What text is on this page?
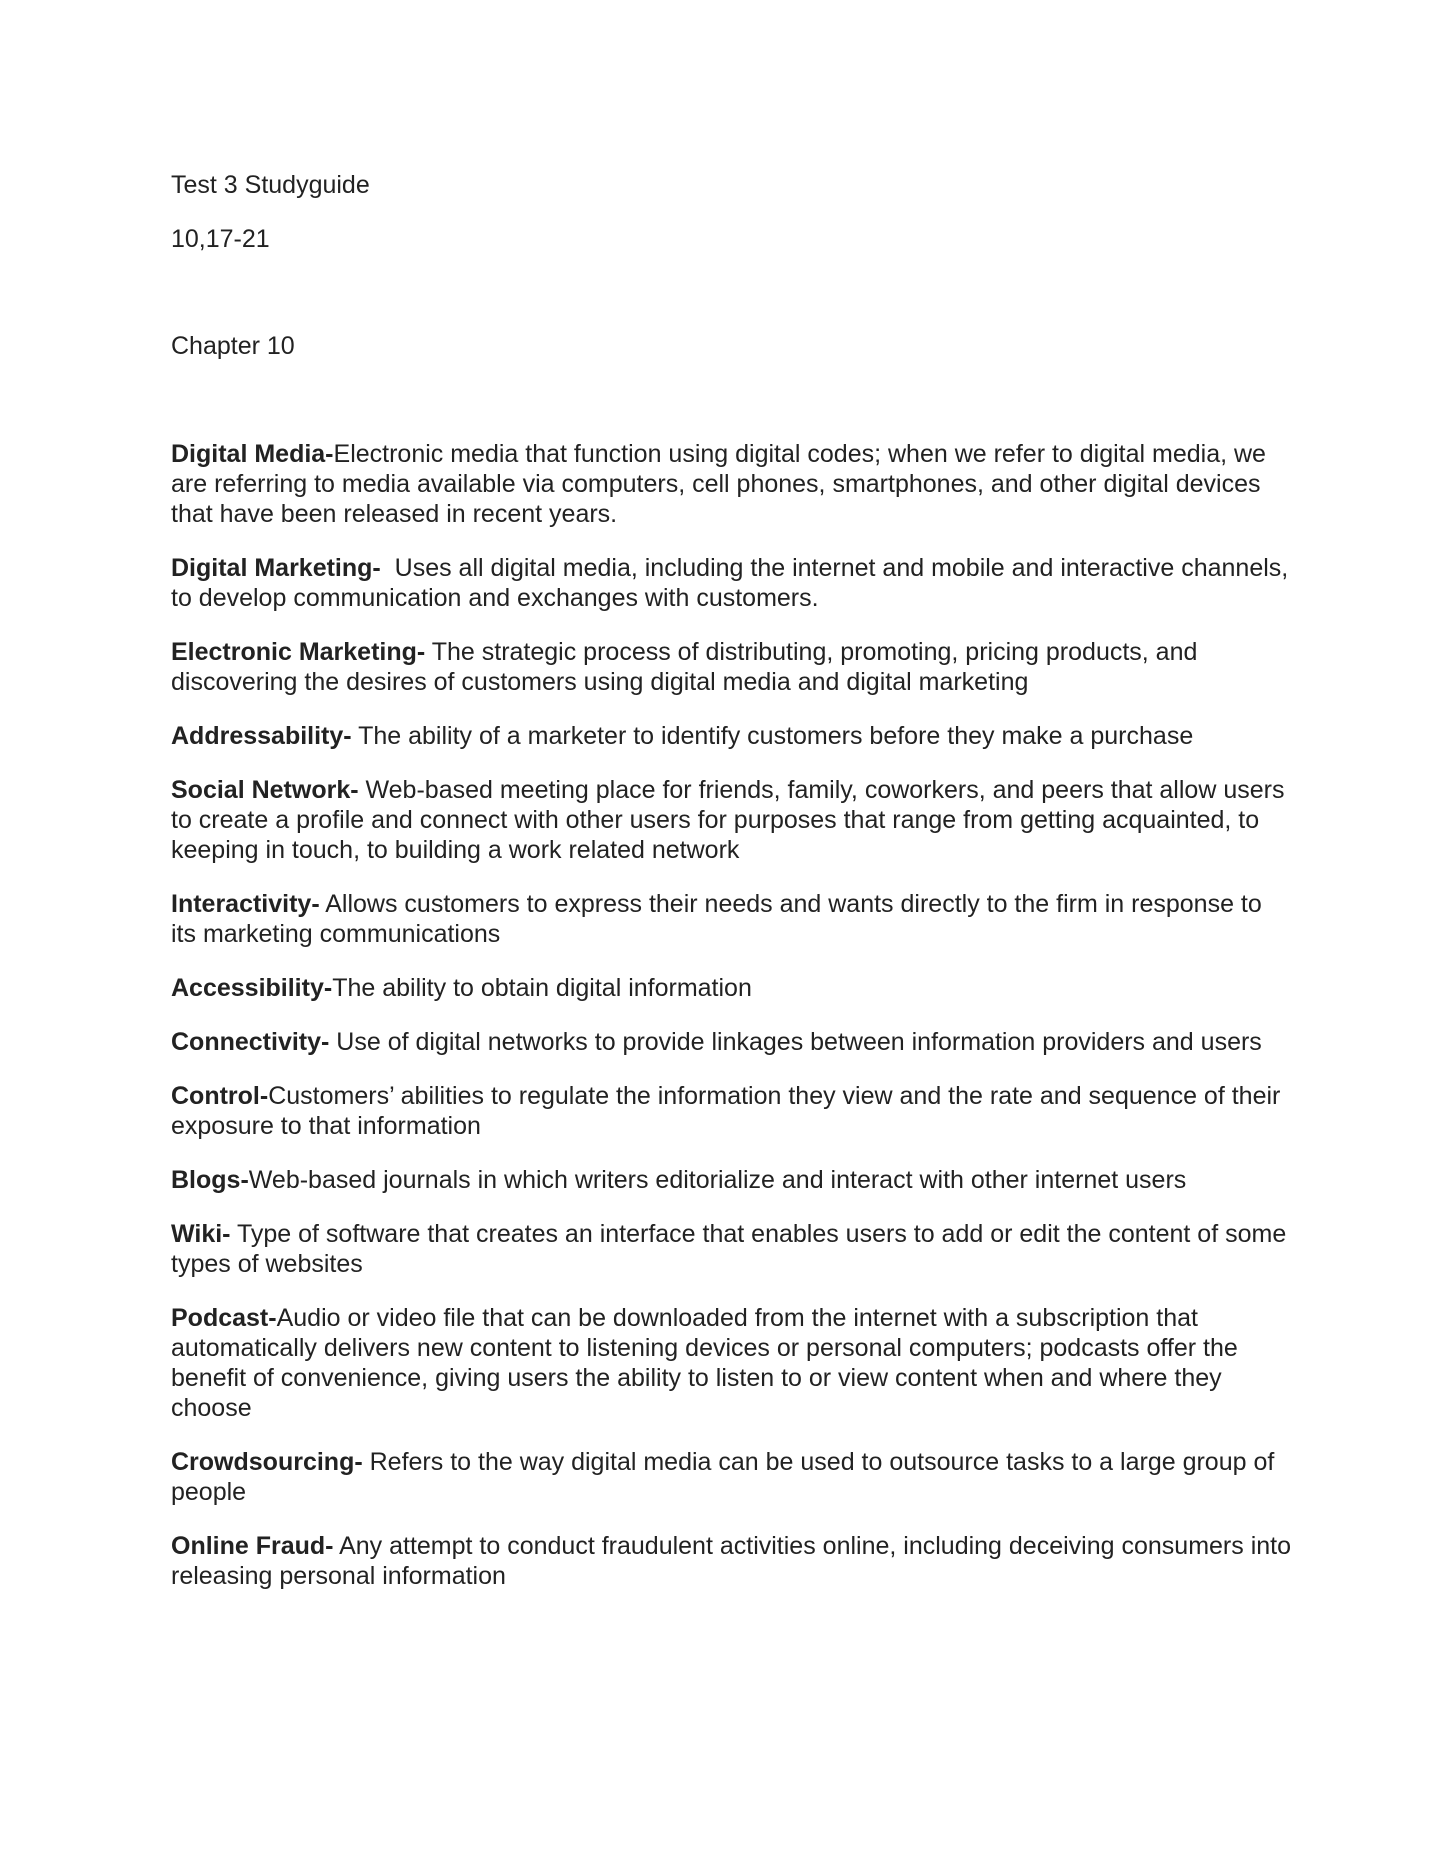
Test 3 Studyguide
10,17-21
Chapter 10
Digital Media-Electronic media that function using digital codes; when we refer to digital media, we are referring to media available via computers, cell phones, smartphones, and other digital devices that have been released in recent years.
Digital Marketing-  Uses all digital media, including the internet and mobile and interactive channels, to develop communication and exchanges with customers.
Electronic Marketing- The strategic process of distributing, promoting, pricing products, and discovering the desires of customers using digital media and digital marketing
Addressability- The ability of a marketer to identify customers before they make a purchase
Social Network- Web-based meeting place for friends, family, coworkers, and peers that allow users to create a profile and connect with other users for purposes that range from getting acquainted, to keeping in touch, to building a work related network
Interactivity- Allows customers to express their needs and wants directly to the firm in response to its marketing communications
Accessibility-The ability to obtain digital information
Connectivity- Use of digital networks to provide linkages between information providers and users
Control-Customers’ abilities to regulate the information they view and the rate and sequence of their exposure to that information
Blogs-Web-based journals in which writers editorialize and interact with other internet users
Wiki- Type of software that creates an interface that enables users to add or edit the content of some types of websites
Podcast-Audio or video file that can be downloaded from the internet with a subscription that automatically delivers new content to listening devices or personal computers; podcasts offer the benefit of convenience, giving users the ability to listen to or view content when and where they choose
Crowdsourcing- Refers to the way digital media can be used to outsource tasks to a large group of people
Online Fraud- Any attempt to conduct fraudulent activities online, including deceiving consumers into releasing personal information
